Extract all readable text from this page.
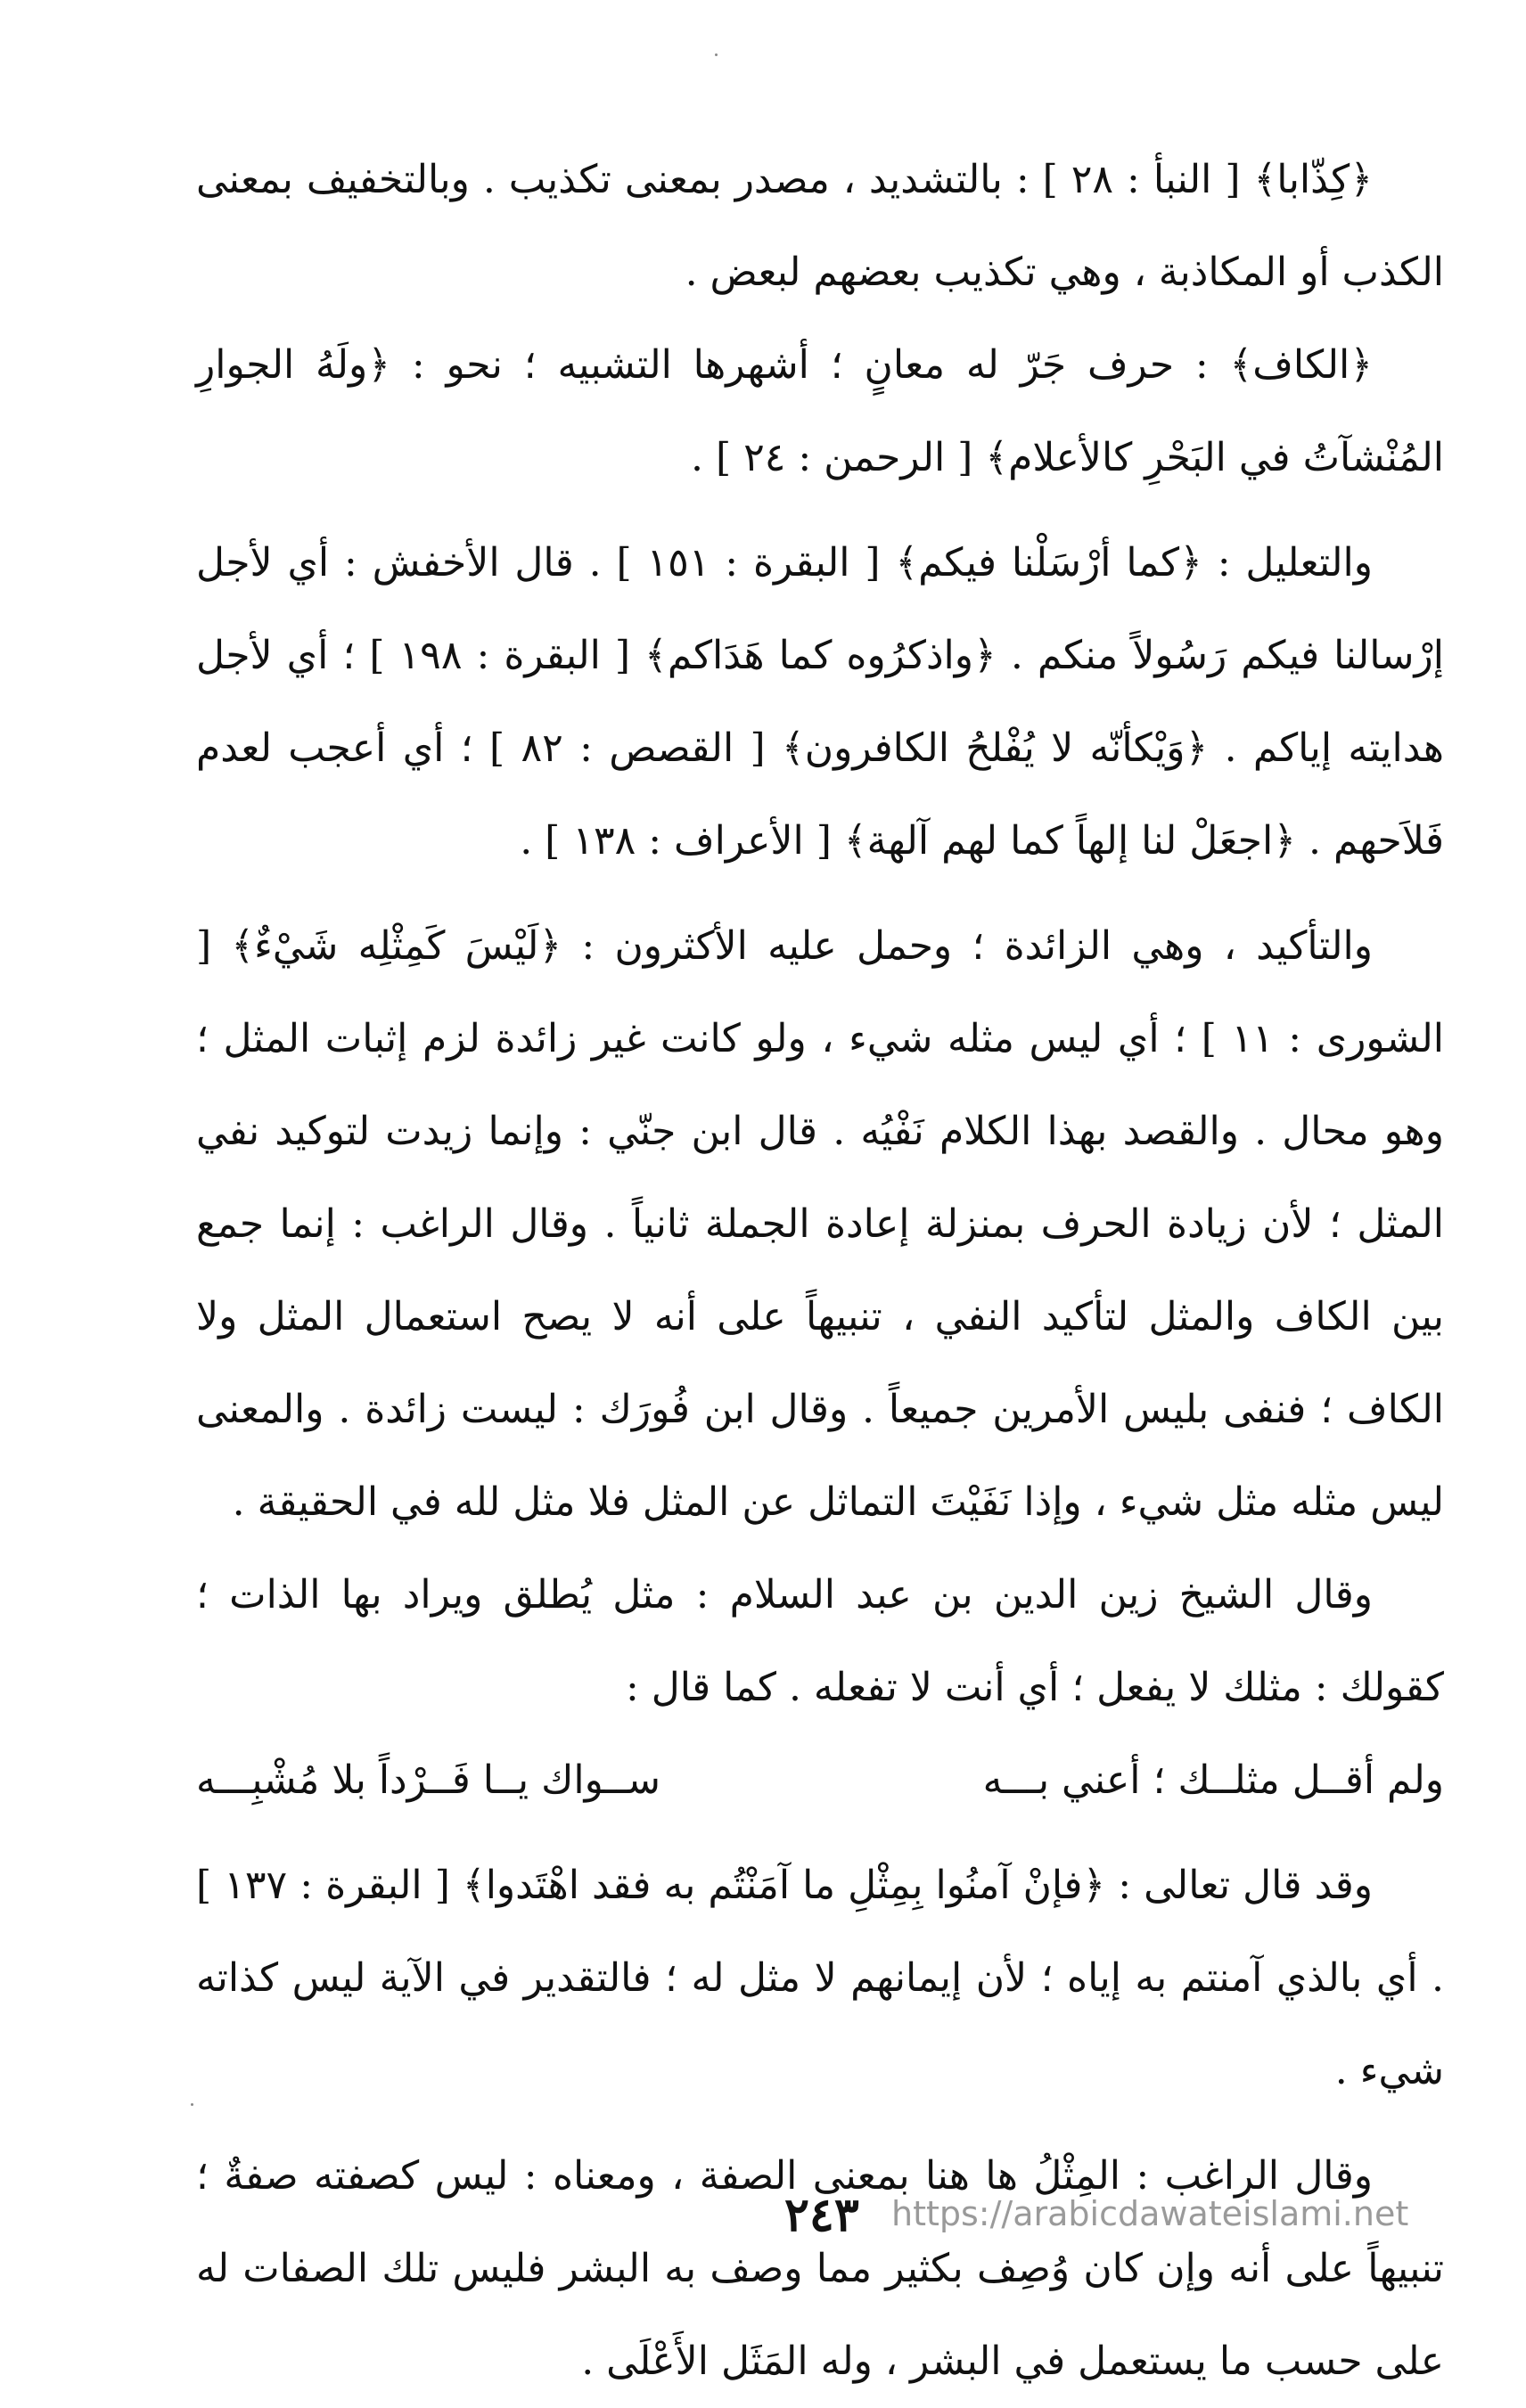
﴿كِذّابا﴾ [ النبأ : ٢٨ ] : بالتشديد ، مصدر بمعنى تكذيب . وبالتخفيف بمعنى الكذب أو المكاذبة ، وهي تكذيب بعضهم لبعض .

﴿الكاف﴾ : حرف جَرّ له معانٍ ؛ أشهرها التشبيه ؛ نحو : ﴿ولَهُ الجوارِ المُنْشآتُ في البَحْرِ كالأعلام﴾ [ الرحمن : ٢٤ ] .

والتعليل : ﴿كما أرْسَلْنا فيكم﴾ [ البقرة : ١٥١ ] . قال الأخفش : أي لأجل إرْسالنا فيكم رَسُولاً منكم . ﴿واذكرُوه كما هَدَاكم﴾ [ البقرة : ١٩٨ ] ؛ أي لأجل هدايته إياكم . ﴿وَيْكأنّه لا يُفْلحُ الكافرون﴾ [ القصص : ٨٢ ] ؛ أي أعجب لعدم فَلاَحهم . ﴿اجعَلْ لنا إلهاً كما لهم آلهة﴾ [ الأعراف : ١٣٨ ] .

والتأكيد ، وهي الزائدة ؛ وحمل عليه الأكثرون : ﴿لَيْسَ كَمِثْلِه شَيْءٌ﴾ [ الشورى : ١١ ] ؛ أي ليس مثله شيء ، ولو كانت غير زائدة لزم إثبات المثل ؛ وهو محال . والقصد بهذا الكلام نَفْيُه . قال ابن جنّي : وإنما زيدت لتوكيد نفي المثل ؛ لأن زيادة الحرف بمنزلة إعادة الجملة ثانياً . وقال الراغب : إنما جمع بين الكاف والمثل لتأكيد النفي ، تنبيهاً على أنه لا يصح استعمال المثل ولا الكاف ؛ فنفى بليس الأمرين جميعاً . وقال ابن فُورَك : ليست زائدة . والمعنى ليس مثله مثل شيء ، وإذا نَفَيْتَ التماثل عن المثل فلا مثل لله في الحقيقة .

وقال الشيخ زين الدين بن عبد السلام : مثل يُطلق ويراد بها الذات ؛ كقولك : مثلك لا يفعل ؛ أي أنت لا تفعله . كما قال :

ولم أقــل مثلــك ؛ أعني بـــه
ســواك يــا فَــرْداً بلا مُشْبِـــه

وقد قال تعالى : ﴿فإنْ آمنُوا بِمِثْلِ ما آمَنْتُم به فقد اهْتَدوا﴾ [ البقرة : ١٣٧ ] . أي بالذي آمنتم به إياه ؛ لأن إيمانهم لا مثل له ؛ فالتقدير في الآية ليس كذاته شيء .

وقال الراغب : المِثْلُ ها هنا بمعنى الصفة ، ومعناه : ليس كصفته صفةٌ ؛ تنبيهاً على أنه وإن كان وُصِف بكثير مما وصف به البشر فليس تلك الصفات له على حسب ما يستعمل في البشر ، وله المَثَل الأَعْلَى .

٢٤٣ https://arabicdawateislami.net
